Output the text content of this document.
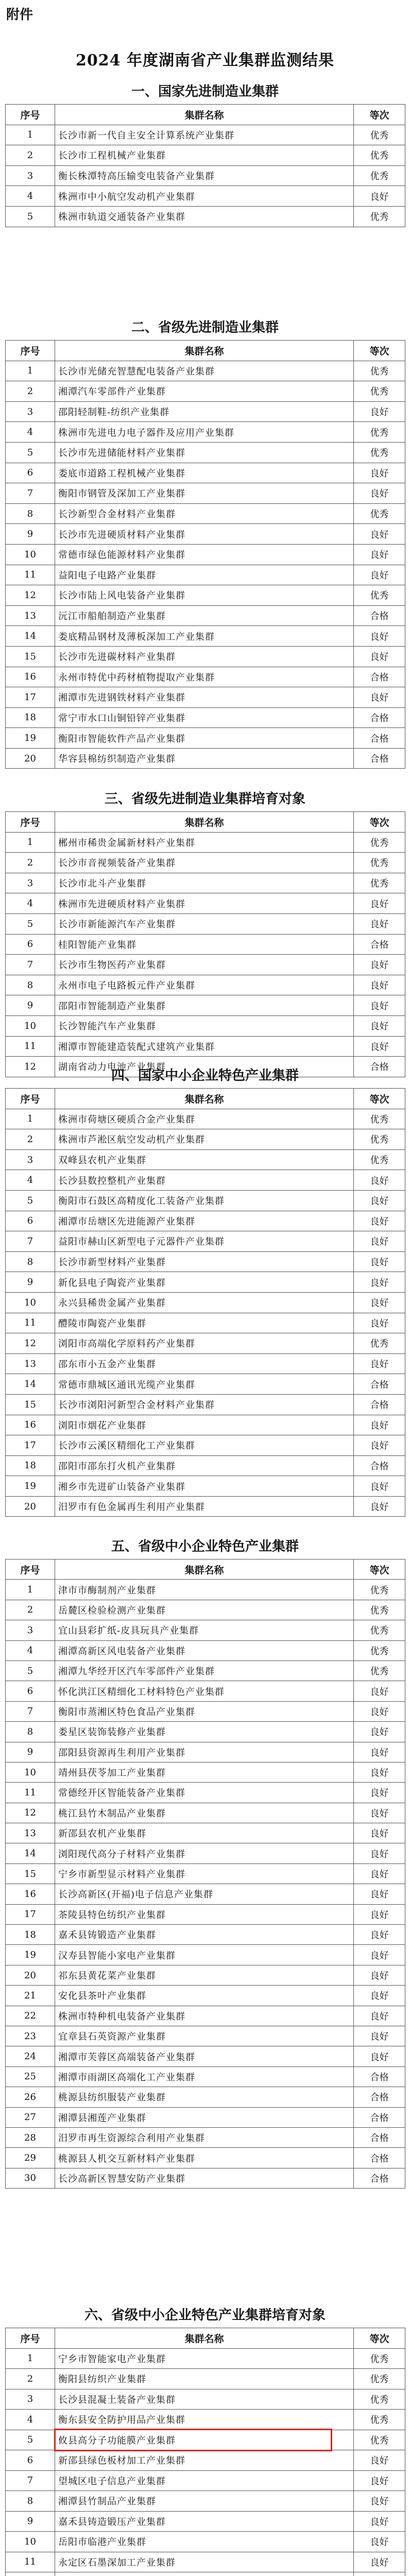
附件
2024 年度湖南省产业集群监测结果
一、国家先进制造业集群
序号	集群名称	等次
1	长沙市新一代自主安全计算系统产业集群	优秀
2	长沙市工程机械产业集群	优秀
3	衡长株潭特高压输变电装备产业集群	优秀
4	株洲市中小航空发动机产业集群	良好
5	株洲市轨道交通装备产业集群	优秀
二、省级先进制造业集群
序号	集群名称	等次
1	长沙市光储充智慧配电装备产业集群	优秀
2	湘潭汽车零部件产业集群	优秀
3	邵阳轻制鞋-纺织产业集群	良好
4	株洲市先进电力电子器件及应用产业集群	优秀
5	长沙市先进储能材料产业集群	优秀
6	娄底市道路工程机械产业集群	良好
7	衡阳市钢管及深加工产业集群	良好
8	长沙新型合金材料产业集群	优秀
9	长沙市先进硬质材料产业集群	良好
10	常德市绿色能源材料产业集群	良好
11	益阳电子电路产业集群	良好
12	长沙市陆上风电装备产业集群	优秀
13	沅江市船舶制造产业集群	合格
14	娄底精品钢材及薄板深加工产业集群	良好
15	长沙市先进碳材料产业集群	良好
16	永州市特优中药材植物提取产业集群	合格
17	湘潭市先进钢铁材料产业集群	良好
18	常宁市水口山铜铅锌产业集群	合格
19	衡阳市智能软件产品产业集群	合格
20	华容县棉纺织制造产业集群	合格
三、省级先进制造业集群培育对象
序号	集群名称	等次
1	郴州市稀贵金属新材料产业集群	优秀
2	长沙市音视频装备产业集群	优秀
3	长沙市北斗产业集群	优秀
4	株洲市先进硬质材料产业集群	良好
5	长沙市新能源汽车产业集群	良好
6	桂阳智能产业集群	合格
7	长沙市生物医药产业集群	良好
8	永州市电子电路板元件产业集群	良好
9	邵阳市智能制造产业集群	良好
10	长沙智能汽车产业集群	良好
11	湘潭市智能建造装配式建筑产业集群	良好
12	湖南省动力电池产业集群	合格
四、国家中小企业特色产业集群
序号	集群名称	等次
1	株洲市荷塘区硬质合金产业集群	优秀
2	株洲市芦淞区航空发动机产业集群	优秀
3	双峰县农机产业集群	优秀
4	长沙县数控整机产业集群	良好
5	衡阳市石鼓区高精度化工装备产业集群	良好
6	湘潭市岳塘区先进能源产业集群	良好
7	益阳市赫山区新型电子元器件产业集群	良好
8	长沙市新型材料产业集群	良好
9	新化县电子陶瓷产业集群	良好
10	永兴县稀贵金属产业集群	良好
11	醴陵市陶瓷产业集群	良好
12	浏阳市高端化学原料药产业集群	优秀
13	邵东市小五金产业集群	良好
14	常德市鼎城区通讯光缆产业集群	合格
15	长沙市浏阳河新型合金材料产业集群	合格
16	浏阳市烟花产业集群	良好
17	长沙市云溪区精细化工产业集群	良好
18	邵阳市邵东打火机产业集群	合格
19	湘乡市先进矿山装备产业集群	良好
20	汨罗市有色金属再生利用产业集群	良好
五、省级中小企业特色产业集群
序号	集群名称	等次
1	津市市酶制剂产业集群	优秀
2	岳麓区检验检测产业集群	优秀
3	宜山县彩扩纸-皮具玩具产业集群	优秀
4	湘潭高新区风电装备产业集群	优秀
5	湘潭九华经开区汽车零部件产业集群	优秀
6	怀化洪江区精细化工材料特色产业集群	良好
7	衡阳市蒸湘区特色食品产业集群	良好
8	娄星区装饰装修产业集群	良好
9	邵阳县资源再生利用产业集群	良好
10	靖州县茯苓加工产业集群	良好
11	常德经开区智能装备产业集群	良好
12	桃江县竹木制品产业集群	良好
13	新邵县农机产业集群	良好
14	浏阳现代高分子材料产业集群	良好
15	宁乡市新型显示材料产业集群	良好
16	长沙高新区(开福)电子信息产业集群	良好
17	茶陵县特色纺织产业集群	良好
18	嘉禾县铸锻造产业集群	良好
19	汉寿县智能小家电产业集群	良好
20	祁东县黄花菜产业集群	良好
21	安化县茶叶产业集群	良好
22	株洲市特种机电装备产业集群	良好
23	宜章县石英资源产业集群	良好
24	湘潭市芙蓉区高端装备产业集群	良好
25	湘潭市雨湖区高端化工产业集群	合格
26	桃源县纺织服装产业集群	合格
27	湘潭县湘莲产业集群	合格
28	汨罗市再生资源综合利用产业集群	合格
29	桃源县人机交互新材料产业集群	合格
30	长沙高新区智慧安防产业集群	合格
六、省级中小企业特色产业集群培育对象
序号	集群名称	等次
1	宁乡市智能家电产业集群	优秀
2	衡阳县纺织产业集群	优秀
3	长沙县混凝土装备产业集群	优秀
4	衡东县安全防护用品产业集群	优秀
5	攸县高分子功能膜产业集群	优秀
6	新邵县绿色板材加工产业集群	良好
7	望城区电子信息产业集群	良好
8	湘潭县竹制品产业集群	良好
9	嘉禾县铸造锻压产业集群	良好
10	岳阳市临港产业集群	良好
11	永定区石墨深加工产业集群	良好
